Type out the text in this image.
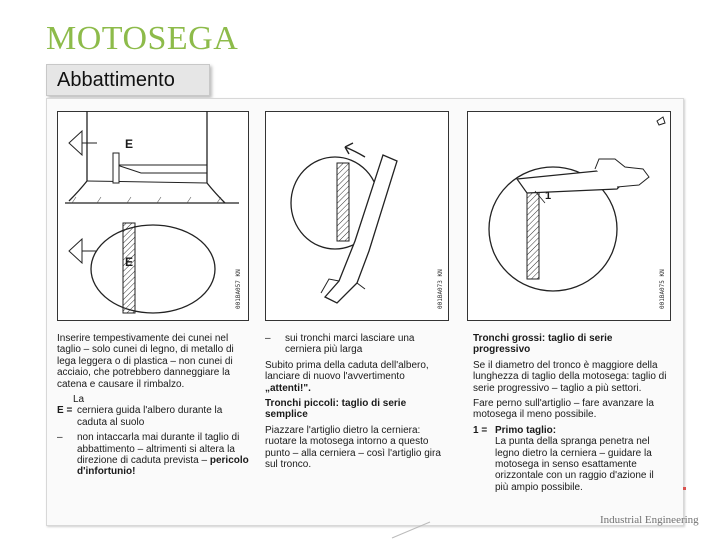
MOTOSEGA
Abbattimento
E
E
001BA057 KN	001BA073 KN
1
001BA075 KN

Inserire tempestivamente dei cunei nel taglio – solo cunei di legno, di metallo di lega leggera o di plastica – non cunei di acciaio, che potrebbero danneggiare la catena e causare il rimbalzo.

La
E = cerniera guida l'albero durante la caduta al suolo
–	non intaccarla mai durante il taglio di abbattimento – altrimenti si altera la direzione di caduta prevista – pericolo d'infortunio!
–	sui tronchi marci lasciare una cerniera più larga

Subito prima della caduta dell'albero, lanciare di nuovo l'avvertimento „attenti!".

Tronchi piccoli: taglio di serie semplice

Piazzare l'artiglio dietro la cerniera: ruotare la motosega intorno a questo punto – alla cerniera – così l'artiglio gira sul tronco.

Tronchi grossi: taglio di serie progressivo

Se il diametro del tronco è maggiore della lunghezza di taglio della motosega: taglio di serie progressivo – taglio a più settori.

Fare perno sull'artiglio – fare avanzare la motosega il meno possibile.

1 = Primo taglio:
La punta della spranga penetra nel legno dietro la cerniera – guidare la motosega in senso esattamente orizzontale con un raggio d'azione il più ampio possibile.
Industrial Engineering
